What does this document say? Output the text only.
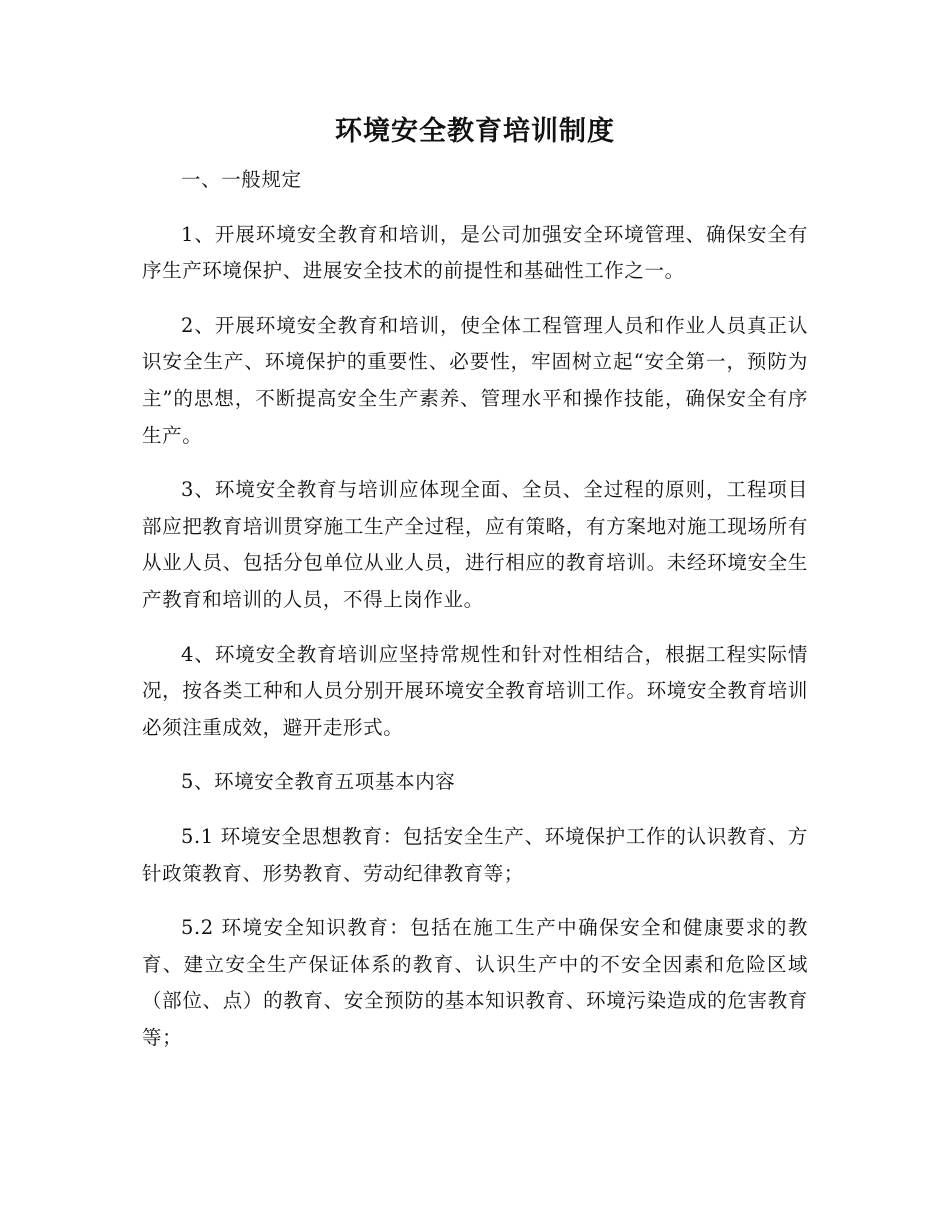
环境安全教育培训制度

一、一般规定

1、开展环境安全教育和培训，是公司加强安全环境管理、确保安全有序生产环境保护、进展安全技术的前提性和基础性工作之一。

2、开展环境安全教育和培训，使全体工程管理人员和作业人员真正认识安全生产、环境保护的重要性、必要性，牢固树立起“安全第一，预防为主”的思想，不断提高安全生产素养、管理水平和操作技能，确保安全有序生产。

3、环境安全教育与培训应体现全面、全员、全过程的原则，工程项目部应把教育培训贯穿施工生产全过程，应有策略，有方案地对施工现场所有从业人员、包括分包单位从业人员，进行相应的教育培训。未经环境安全生产教育和培训的人员，不得上岗作业。

4、环境安全教育培训应坚持常规性和针对性相结合，根据工程实际情况，按各类工种和人员分别开展环境安全教育培训工作。环境安全教育培训必须注重成效，避开走形式。

5、环境安全教育五项基本内容

5.1 环境安全思想教育：包括安全生产、环境保护工作的认识教育、方针政策教育、形势教育、劳动纪律教育等；

5.2 环境安全知识教育：包括在施工生产中确保安全和健康要求的教育、建立安全生产保证体系的教育、认识生产中的不安全因素和危险区域（部位、点）的教育、安全预防的基本知识教育、环境污染造成的危害教育等；
